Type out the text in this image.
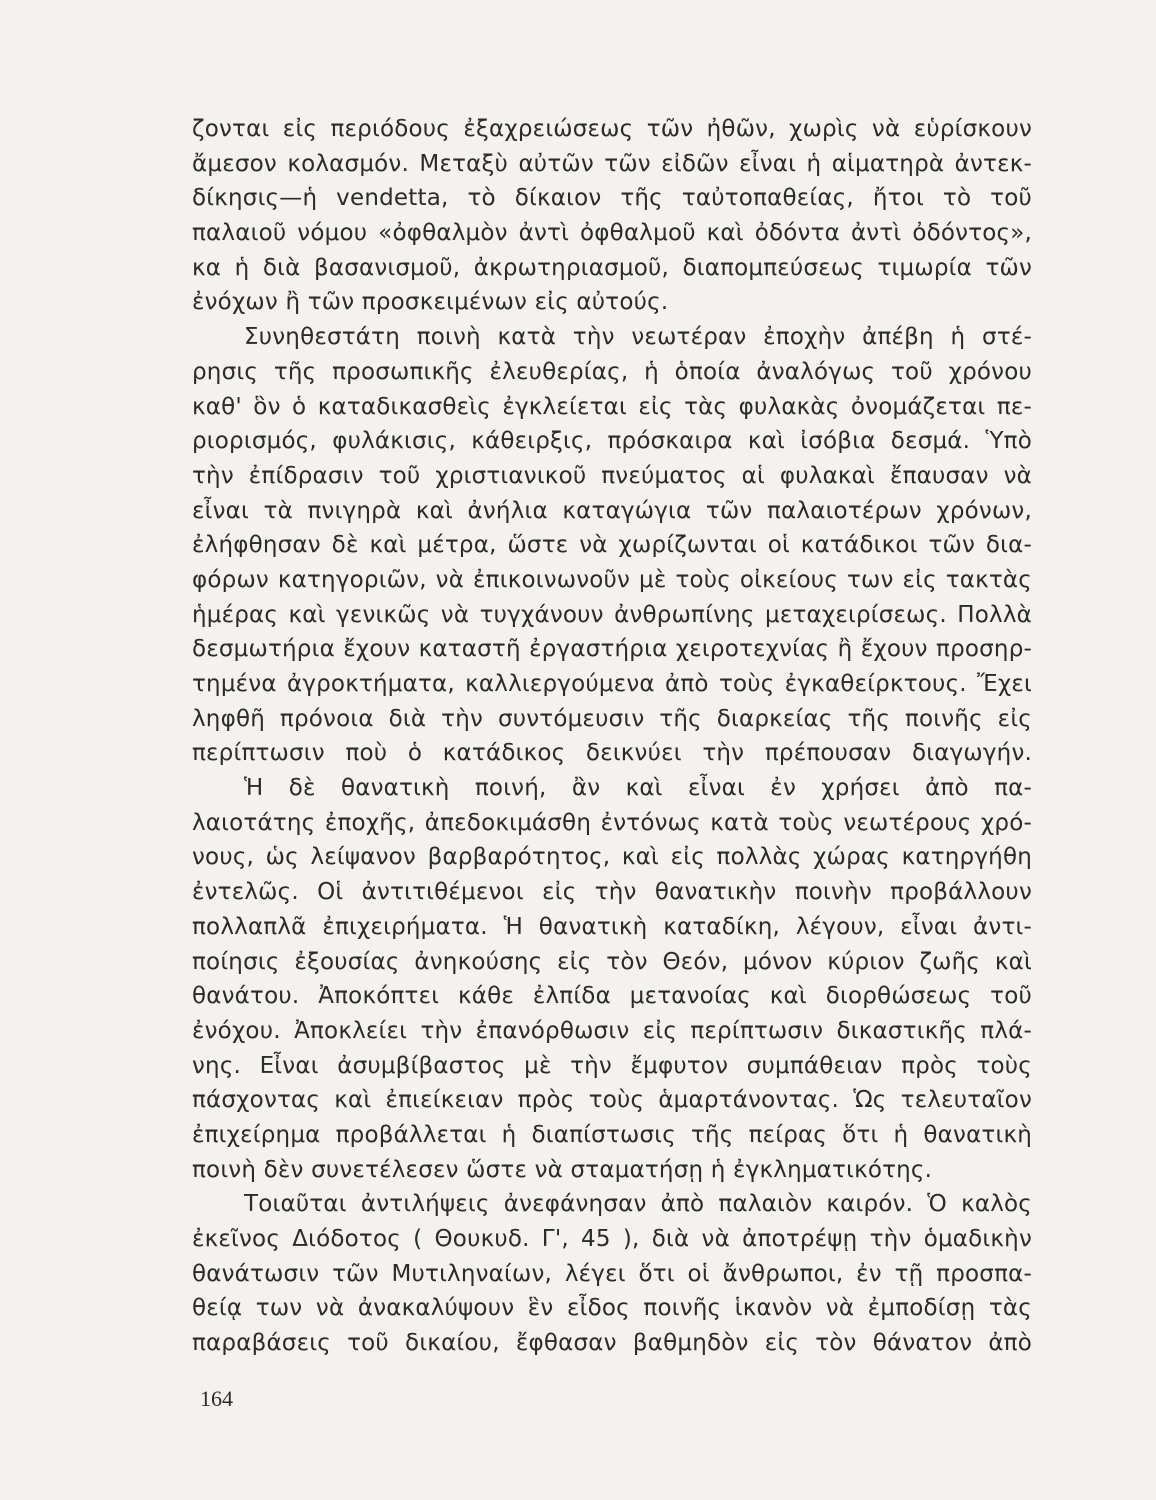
ζονται εἰς περιόδους ἐξαχρειώσεως τῶν ἠθῶν, χωρὶς νὰ εὑρίσκουν
ἄμεσον κολασμόν. Μεταξὺ αὐτῶν τῶν εἰδῶν εἶναι ἡ αἱματηρὰ ἀντεκ-
δίκησις—ἡ vendetta, τὸ δίκαιον τῆς ταὐτοπαθείας, ἤτοι τὸ τοῦ
παλαιοῦ νόμου «ὀφθαλμὸν ἀντὶ ὀφθαλμοῦ καὶ ὀδόντα ἀντὶ ὀδόντος»,
κα ἡ διὰ βασανισμοῦ, ἀκρωτηριασμοῦ, διαπομπεύσεως τιμωρία τῶν
ἐνόχων ἢ τῶν προσκειμένων εἰς αὐτούς.
Συνηθεστάτη ποινὴ κατὰ τὴν νεωτέραν ἐποχὴν ἀπέβη ἡ στέ-
ρησις τῆς προσωπικῆς ἐλευθερίας, ἡ ὁποία ἀναλόγως τοῦ χρόνου
καθ' ὃν ὁ καταδικασθεὶς ἐγκλείεται εἰς τὰς φυλακὰς ὀνομάζεται πε-
ριορισμός, φυλάκισις, κάθειρξις, πρόσκαιρα καὶ ἰσόβια δεσμά. Ὑπὸ
τὴν ἐπίδρασιν τοῦ χριστιανικοῦ πνεύματος αἱ φυλακαὶ ἔπαυσαν νὰ
εἶναι τὰ πνιγηρὰ καὶ ἀνήλια καταγώγια τῶν παλαιοτέρων χρόνων,
ἐλήφθησαν δὲ καὶ μέτρα, ὥστε νὰ χωρίζωνται οἱ κατάδικοι τῶν δια-
φόρων κατηγοριῶν, νὰ ἐπικοινωνοῦν μὲ τοὺς οἰκείους των εἰς τακτὰς
ἡμέρας καὶ γενικῶς νὰ τυγχάνουν ἀνθρωπίνης μεταχειρίσεως. Πολλὰ
δεσμωτήρια ἔχουν καταστῆ ἐργαστήρια χειροτεχνίας ἢ ἔχουν προσηρ-
τημένα ἀγροκτήματα, καλλιεργούμενα ἀπὸ τοὺς ἐγκαθείρκτους. Ἔχει
ληφθῆ πρόνοια διὰ τὴν συντόμευσιν τῆς διαρκείας τῆς ποινῆς εἰς
περίπτωσιν ποὺ ὁ κατάδικος δεικνύει τὴν πρέπουσαν διαγωγήν.
Ἡ δὲ θανατικὴ ποινή, ἂν καὶ εἶναι ἐν χρήσει ἀπὸ πα-
λαιοτάτης ἐποχῆς, ἀπεδοκιμάσθη ἐντόνως κατὰ τοὺς νεωτέρους χρό-
νους, ὡς λείψανον βαρβαρότητος, καὶ εἰς πολλὰς χώρας κατηργήθη
ἐντελῶς. Οἱ ἀντιτιθέμενοι εἰς τὴν θανατικὴν ποινὴν προβάλλουν
πολλαπλᾶ ἐπιχειρήματα. Ἡ θανατικὴ καταδίκη, λέγουν, εἶναι ἀντι-
ποίησις ἐξουσίας ἀνηκούσης εἰς τὸν Θεόν, μόνον κύριον ζωῆς καὶ
θανάτου. Ἀποκόπτει κάθε ἐλπίδα μετανοίας καὶ διορθώσεως τοῦ
ἐνόχου. Ἀποκλείει τὴν ἐπανόρθωσιν εἰς περίπτωσιν δικαστικῆς πλά-
νης. Εἶναι ἀσυμβίβαστος μὲ τὴν ἔμφυτον συμπάθειαν πρὸς τοὺς
πάσχοντας καὶ ἐπιείκειαν πρὸς τοὺς ἁμαρτάνοντας. Ὡς τελευταῖον
ἐπιχείρημα προβάλλεται ἡ διαπίστωσις τῆς πείρας ὅτι ἡ θανατικὴ
ποινὴ δὲν συνετέλεσεν ὥστε νὰ σταματήσῃ ἡ ἐγκληματικότης.
Τοιαῦται ἀντιλήψεις ἀνεφάνησαν ἀπὸ παλαιὸν καιρόν. Ὁ καλὸς
ἐκεῖνος Διόδοτος ( Θουκυδ. Γ', 45 ), διὰ νὰ ἀποτρέψῃ τὴν ὁμαδικὴν
θανάτωσιν τῶν Μυτιληναίων, λέγει ὅτι οἱ ἄνθρωποι, ἐν τῇ προσπα-
θείᾳ των νὰ ἀνακαλύψουν ἓν εἶδος ποινῆς ἱκανὸν νὰ ἐμποδίσῃ τὰς
παραβάσεις τοῦ δικαίου, ἔφθασαν βαθμηδὸν εἰς τὸν θάνατον ἀπὸ
164
